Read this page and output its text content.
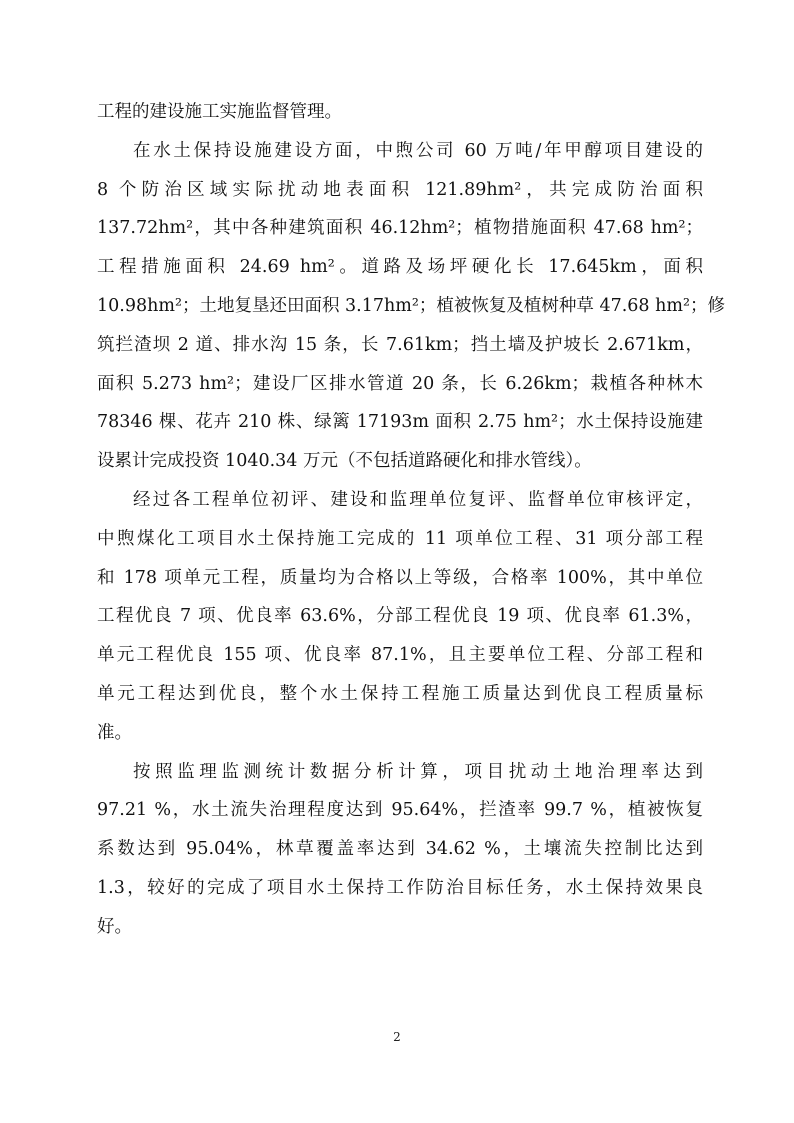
工程的建设施工实施监督管理。
在水土保持设施建设方面，中煦公司 60 万吨/年甲醇项目建设的
8 个防治区域实际扰动地表面积 121.89hm²，共完成防治面积
137.72hm²，其中各种建筑面积 46.12hm²；植物措施面积 47.68 hm²；
工程措施面积 24.69 hm²。道路及场坪硬化长 17.645km，面积
10.98hm²；土地复垦还田面积 3.17hm²；植被恢复及植树种草 47.68 hm²；修
筑拦渣坝 2 道、排水沟 15 条，长 7.61km；挡土墙及护坡长 2.671km，
面积 5.273 hm²；建设厂区排水管道 20 条，长 6.26km；栽植各种林木
78346 棵、花卉 210 株、绿篱 17193m 面积 2.75 hm²；水土保持设施建
设累计完成投资 1040.34 万元（不包括道路硬化和排水管线）。
经过各工程单位初评、建设和监理单位复评、监督单位审核评定，
中煦煤化工项目水土保持施工完成的 11 项单位工程、31 项分部工程
和 178 项单元工程，质量均为合格以上等级，合格率 100%，其中单位
工程优良 7 项、优良率 63.6%，分部工程优良 19 项、优良率 61.3%，
单元工程优良 155 项、优良率 87.1%，且主要单位工程、分部工程和
单元工程达到优良，整个水土保持工程施工质量达到优良工程质量标
准。
按照监理监测统计数据分析计算，项目扰动土地治理率达到
97.21 %，水土流失治理程度达到 95.64%，拦渣率 99.7 %，植被恢复
系数达到 95.04%，林草覆盖率达到 34.62 %，土壤流失控制比达到
1.3，较好的完成了项目水土保持工作防治目标任务，水土保持效果良
好。
2
